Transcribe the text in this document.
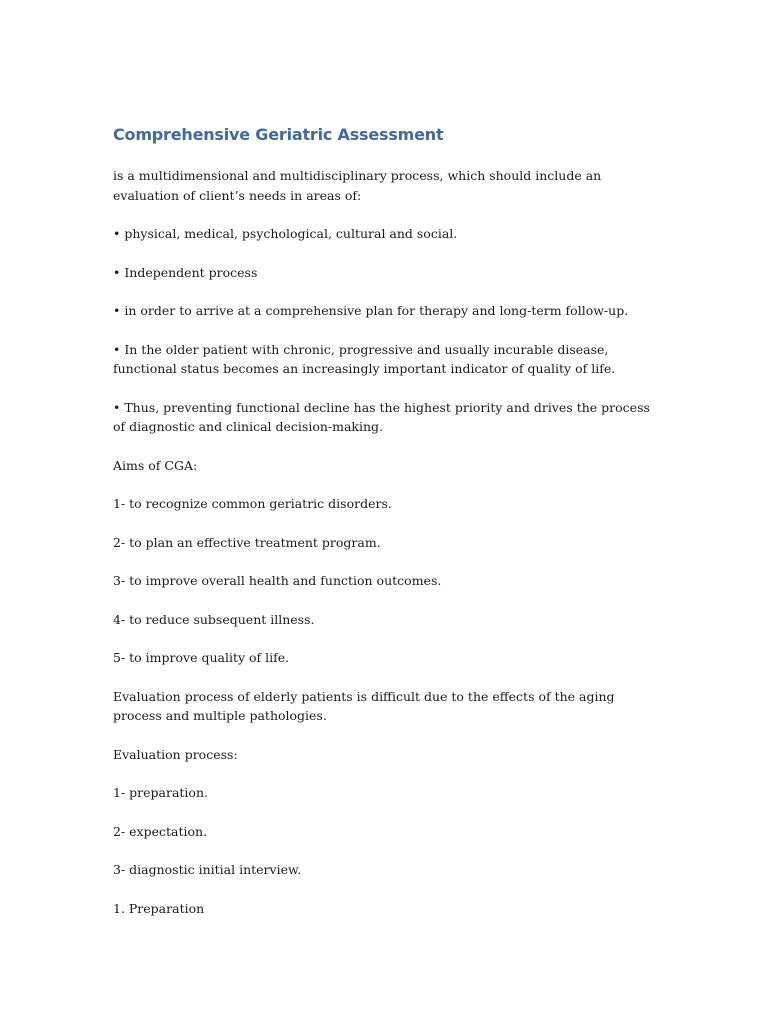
Comprehensive Geriatric Assessment

is a multidimensional and multidisciplinary process, which should include an evaluation of client’s needs in areas of:

• physical, medical, psychological, cultural and social.

• Independent process

• in order to arrive at a comprehensive plan for therapy and long-term follow-up.

• In the older patient with chronic, progressive and usually incurable disease, functional status becomes an increasingly important indicator of quality of life.

• Thus, preventing functional decline has the highest priority and drives the process of diagnostic and clinical decision-making.

Aims of CGA:

1- to recognize common geriatric disorders.

2- to plan an effective treatment program.

3- to improve overall health and function outcomes.

4- to reduce subsequent illness.

5- to improve quality of life.

Evaluation process of elderly patients is difficult due to the effects of the aging process and multiple pathologies.

Evaluation process:

1- preparation.

2- expectation.

3- diagnostic initial interview.

1. Preparation
